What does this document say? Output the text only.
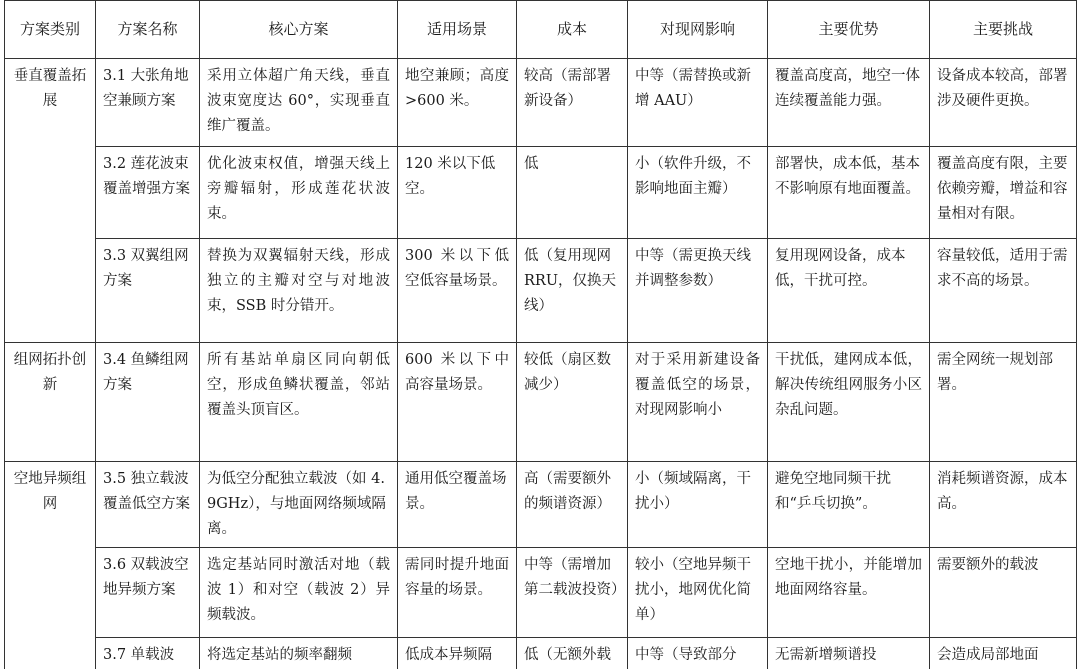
方案类别	方案名称	核心方案	适用场景	成本	对现网影响	主要优势	主要挑战
垂直覆盖拓展	3.1 大张角地空兼顾方案	采用立体超广角天线，垂直波束宽度达 60°，实现垂直维广覆盖。	地空兼顾；高度>600 米。	较高（需部署新设备）	中等（需替换或新增 AAU）	覆盖高度高，地空一体连续覆盖能力强。	设备成本较高，部署涉及硬件更换。
	3.2 莲花波束覆盖增强方案	优化波束权值，增强天线上旁瓣辐射，形成莲花状波束。	120 米以下低空。	低	小（软件升级，不影响地面主瓣）	部署快，成本低，基本不影响原有地面覆盖。	覆盖高度有限，主要依赖旁瓣，增益和容量相对有限。
	3.3 双翼组网方案	替换为双翼辐射天线，形成独立的主瓣对空与对地波束，SSB 时分错开。	300 米以下低空低容量场景。	低（复用现网 RRU，仅换天线）	中等（需更换天线并调整参数）	复用现网设备，成本低，干扰可控。	容量较低，适用于需求不高的场景。
组网拓扑创新	3.4 鱼鳞组网方案	所有基站单扇区同向朝低空，形成鱼鳞状覆盖，邻站覆盖头顶盲区。	600 米以下中高容量场景。	较低（扇区数减少）	对于采用新建设备覆盖低空的场景，对现网影响小	干扰低，建网成本低，解决传统组网服务小区杂乱问题。	需全网统一规划部署。
空地异频组网	3.5 独立载波覆盖低空方案	为低空分配独立载波（如 4.9GHz），与地面网络频域隔离。	通用低空覆盖场景。	高（需要额外的频谱资源）	小（频域隔离，干扰小）	避免空地同频干扰和“乒乓切换”。	消耗频谱资源，成本高。
	3.6 双载波空地异频方案	选定基站同时激活对地（载波 1）和对空（载波 2）异频载波。	需同时提升地面容量的场景。	中等（需增加第二载波投资）	较小（空地异频干扰小，地网优化简单）	空地干扰小，并能增加地面网络容量。	需要额外的载波
	3.7 单载波	将选定基站的频率翻频	低成本异频隔	低（无额外载	中等（导致部分	无需新增频谱投	会造成局部地面
